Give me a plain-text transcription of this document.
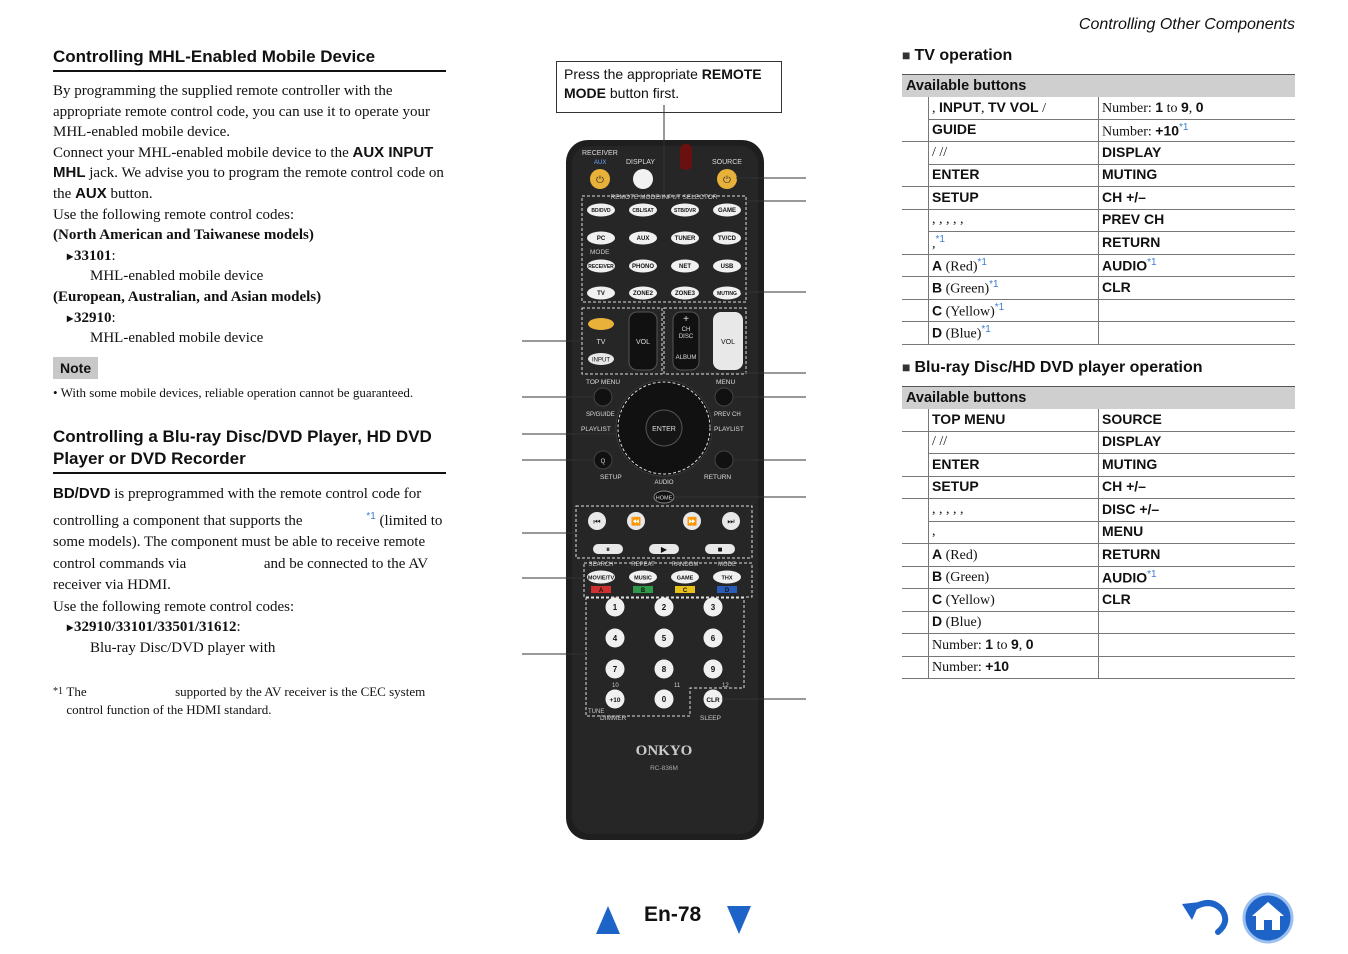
Controlling Other Components
Controlling MHL-Enabled Mobile Device

By programming the supplied remote controller with the appropriate remote control code, you can use it to operate your MHL-enabled mobile device.

Connect your MHL-enabled mobile device to the AUX INPUT MHL jack. We advise you to program the remote control code on the AUX button.

Use the following remote control codes:

(North American and Taiwanese models)

▸ 33101:

MHL-enabled mobile device

(European, Australian, and Asian models)

▸ 32910:

MHL-enabled mobile device

Note
• With some mobile devices, reliable operation cannot be guaranteed.
Controlling a Blu-ray Disc/DVD Player, HD DVD Player or DVD Recorder

BD/DVD is preprogrammed with the remote control code for controlling a component that supports the	$^{*1}$ (limited to some models). The component must be able to receive remote control commands via	and be connected to the AV receiver via HDMI.

Use the following remote control codes:

▸ 32910/33101/33501/31612:

Blu-ray Disc/DVD player with

*1 The	supported by the AV receiver is the CEC system control function of the HDMI standard.
Press the appropriate REMOTE MODE button first.
RECEIVER
AUX	DISPLAY	SOURCE
⏻	⏻
REMOTE MODE/INPUT SELECTOR
BD/DVD	CBL/SAT	STB/DVR	GAME
PC	AUX	TUNER	TV/CD
RECEIVER	PHONO	NET	USB
TV	ZONE2	ZONE3	MUTING
MODE
TV
INPUT
VOL
+
CH
DISC
ALBUM
VOL
TOP MENU	MENU
SP/GUIDE	PREV CH
PLAYLIST	PLAYLIST
ENTER
Q
SETUP	RETURN
AUDIO
HOME
⏮	⏪	⏩	⏭
⏸	▶	■
SEARCH
MOVIE/TV
A
REPEAT
MUSIC
B
RANDOM
GAME
C
MODE
THX
D
1	2	3
4	5	6
7	8	9
+10	0	CLR
10	11	12
TUNE
DIMMER	SLEEP
ONKYO
RC-836M
■ TV operation
Available buttons		
	, INPUT, TV VOL /	Number: 1 to 9, 0
	GUIDE	Number: +10$^{*1}$
	/ //	DISPLAY
	ENTER	MUTING
	SETUP	CH +/–
	, , , , ,	PREV CH
	,$^{*1}$	RETURN
	A (Red)$^{*1}$	AUDIO$^{*1}$
	B (Green)$^{*1}$	CLR
	C (Yellow)$^{*1}$	
	D (Blue)$^{*1}$	
■ Blu-ray Disc/HD DVD player operation
Available buttons		
	TOP MENU	SOURCE
	/ //	DISPLAY
	ENTER	MUTING
	SETUP	CH +/–
	, , , , ,	DISC +/–
	,	MENU
	A (Red)	RETURN
	B (Green)	AUDIO$^{*1}$
	C (Yellow)	CLR
	D (Blue)	
	Number: 1 to 9, 0	
	Number: +10	
En-78
